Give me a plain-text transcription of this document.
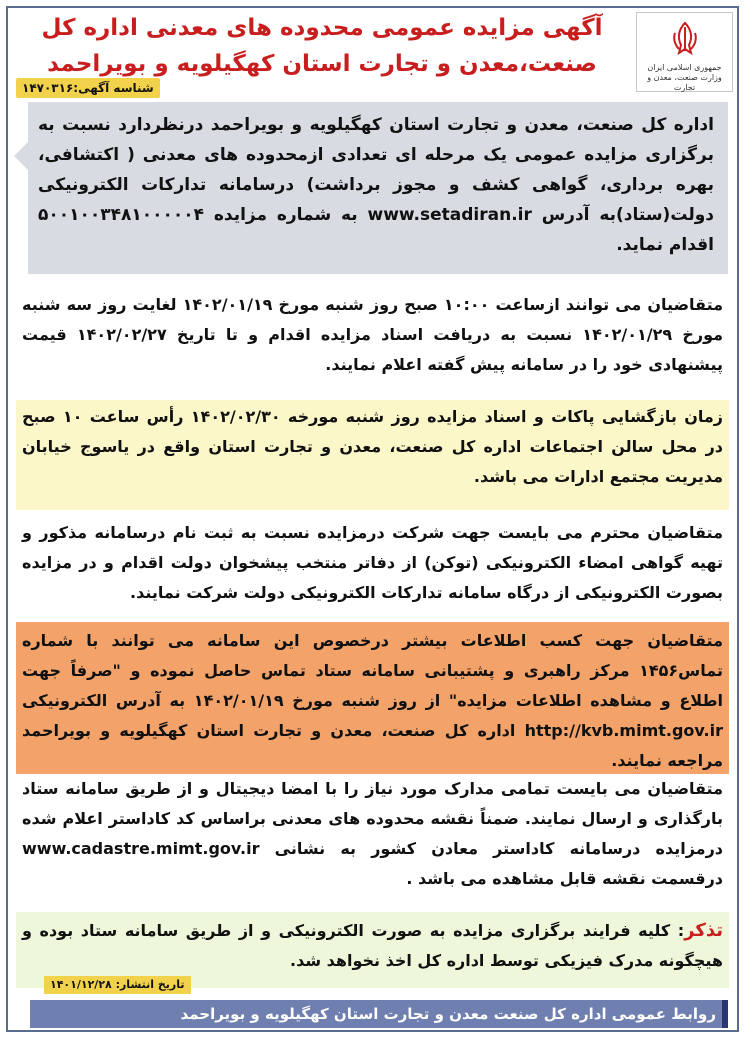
جمهوری اسلامی ایران
وزارت صنعت، معدن و تجارت
آگهی مزایده عمومی محدوده های معدنی اداره کل صنعت،معدن و تجارت استان کهگیلویه و بویراحمد
شناسه آگهی:۱۴۷۰۳۱۶
اداره کل صنعت، معدن و تجارت استان کهگیلویه و بویراحمد درنظردارد نسبت به برگزاری مزایده عمومی یک مرحله ای تعدادی ازمحدوده های معدنی ( اکتشافی، بهره برداری، گواهی کشف و مجوز برداشت) درسامانه تدارکات الکترونیکی دولت(ستاد)به آدرس www.setadiran.ir به شماره مزایده ۵۰۰۱۰۰۳۴۸۱۰۰۰۰۰۴ اقدام نماید.
متقاضیان می توانند ازساعت ۱۰:۰۰ صبح روز شنبه مورخ ۱۴۰۲/۰۱/۱۹ لغایت روز سه شنبه مورخ ۱۴۰۲/۰۱/۲۹ نسبت به دریافت اسناد مزایده اقدام و تا تاریخ ۱۴۰۲/۰۲/۲۷ قیمت پیشنهادی خود را در سامانه پیش گفته اعلام نمایند.
زمان بازگشایی پاکات و اسناد مزایده روز شنبه مورخه ۱۴۰۲/۰۲/۳۰ رأس ساعت ۱۰ صبح در محل سالن اجتماعات اداره کل صنعت، معدن و تجارت استان واقع در یاسوج خیابان مدیریت مجتمع ادارات می باشد.
متقاضیان محترم می بایست جهت شرکت درمزایده نسبت به ثبت نام درسامانه مذکور و تهیه گواهی امضاء الکترونیکی (توکن) از دفاتر منتخب پیشخوان دولت اقدام و در مزایده بصورت الکترونیکی از درگاه سامانه تدارکات الکترونیکی دولت شرکت نمایند.
متقاضیان جهت کسب اطلاعات بیشتر درخصوص این سامانه می توانند با شماره تماس۱۴۵۶ مرکز راهبری و پشتیبانی سامانه ستاد تماس حاصل نموده و "صرفاً جهت اطلاع و مشاهده اطلاعات مزایده" از روز شنبه مورخ ۱۴۰۲/۰۱/۱۹ به آدرس الکترونیکی http://kvb.mimt.gov.ir اداره کل صنعت، معدن و تجارت استان کهگیلویه و بویراحمد مراجعه نمایند.
متقاضیان می بایست تمامی مدارک مورد نیاز را با امضا دیجیتال و از طریق سامانه ستاد بارگذاری و ارسال نمایند. ضمناً نقشه محدوده های معدنی براساس کد کاداستر اعلام شده درمزایده درسامانه کاداستر معادن کشور به نشانی www.cadastre.mimt.gov.ir درقسمت نقشه قابل مشاهده می باشد .
تذکر: کلیه فرایند برگزاری مزایده به صورت الکترونیکی و از طریق سامانه ستاد بوده و هیچگونه مدرک فیزیکی توسط اداره کل اخذ نخواهد شد.
تاریخ انتشار: ۱۴۰۱/۱۲/۲۸
روابط عمومی اداره کل صنعت معدن و تجارت استان کهگیلویه و بویراحمد
